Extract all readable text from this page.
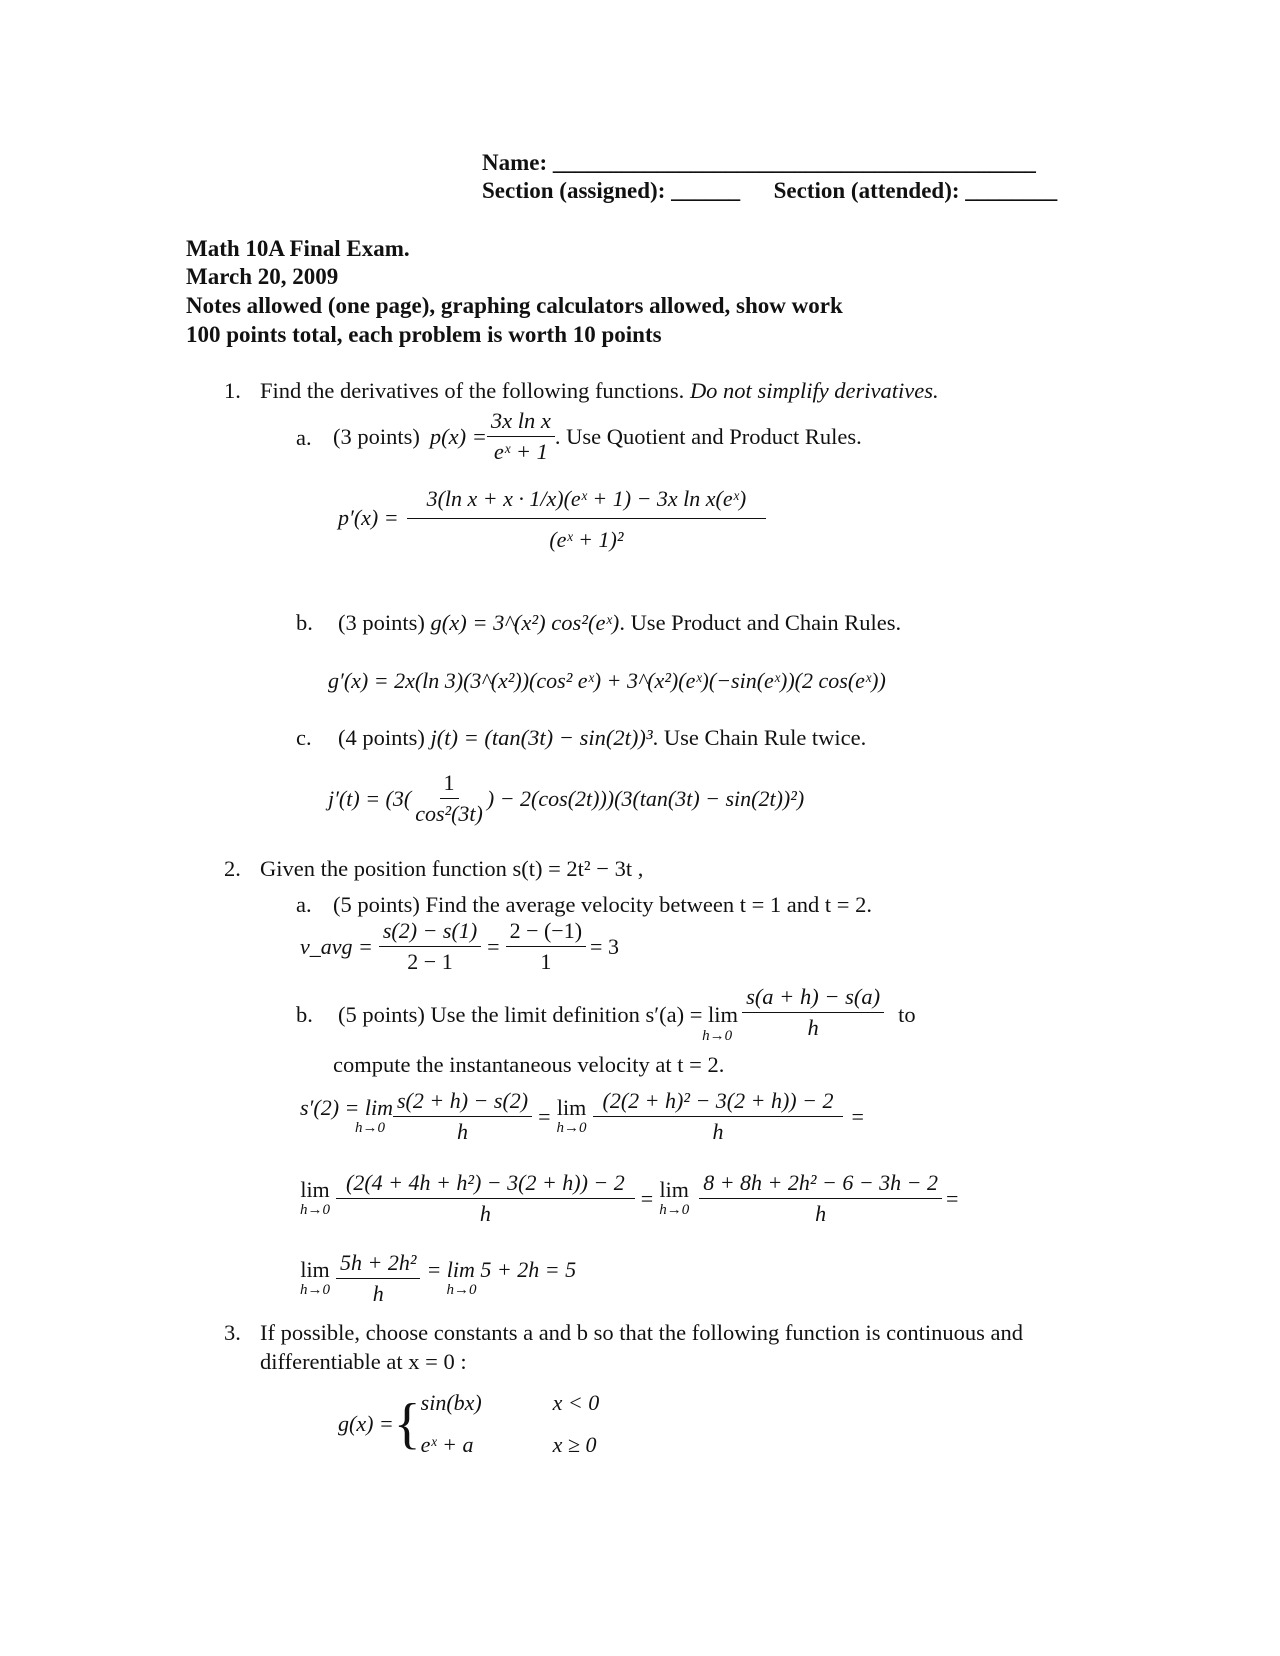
Name: __________________________________________
Section (assigned): ______ Section (attended): ________
Math 10A Final Exam.
March 20, 2009
Notes allowed (one page), graphing calculators allowed, show work
100 points total, each problem is worth 10 points
1. Find the derivatives of the following functions. Do not simplify derivatives.
a. (3 points) $p(x) = \frac{\text{3x ln x}}{\text{eˣ + 1}}$ . Use Quotient and Product Rules.
$p'(x) = \frac{\text{3(ln x + x · 1/x)(eˣ + 1) − 3x ln x(eˣ)}}{\text{(eˣ + 1)²}}$
b. (3 points) g(x) = 3^(x²) cos²(eˣ). Use Product and Chain Rules.
g′(x) = 2x(ln 3)(3^(x²))(cos² eˣ) + 3^(x²)(eˣ)(−sin(eˣ))(2 cos(eˣ))
c. (4 points) j(t) = (tan(3t) − sin(2t))³. Use Chain Rule twice.
$j'(t) = (3( \frac{1}{\text{cos²(3t)}}$ ) − 2(cos(2t)))(3(tan(3t) − sin(2t))²)
2. Given the position function s(t) = 2t² − 3t ,
a. (5 points) Find the average velocity between t = 1 and t = 2.
v_avg = $\frac{s(2) - s(1)}{2 - 1} = \frac{2 - (-1)}{1} = 3$
b. (5 points) Use the limit definition s′(a) = lim
$h\to 0 \frac{s(a + h) - s(a)}{h}$ to
compute the instantaneous velocity at t = 2.
s′(2) = lim
$h\to 0 \frac{s(2 + h) - s(2)}{h} = \lim$
$h\to 0 \frac{\text{(2(2 + h)² − 3(2 + h)) − 2}}{h}$ =
lim
$h\to 0 \frac{\text{(2(4 + 4h + h²) − 3(2 + h)) − 2}}{h} = \lim$
$h\to 0 \frac{\text{8 + 8h + 2h² − 6 − 3h − 2}}{h}$ =
lim
$h\to 0 \frac{\text{5h + 2h²}}{h} = \lim 5 + 2h = 5$
h→0
3. If possible, choose constants a and b so that the following function is continuous and
differentiable at x = 0 :
g(x) = { sin(bx)	x < 0
eˣ + a	x ≥ 0
